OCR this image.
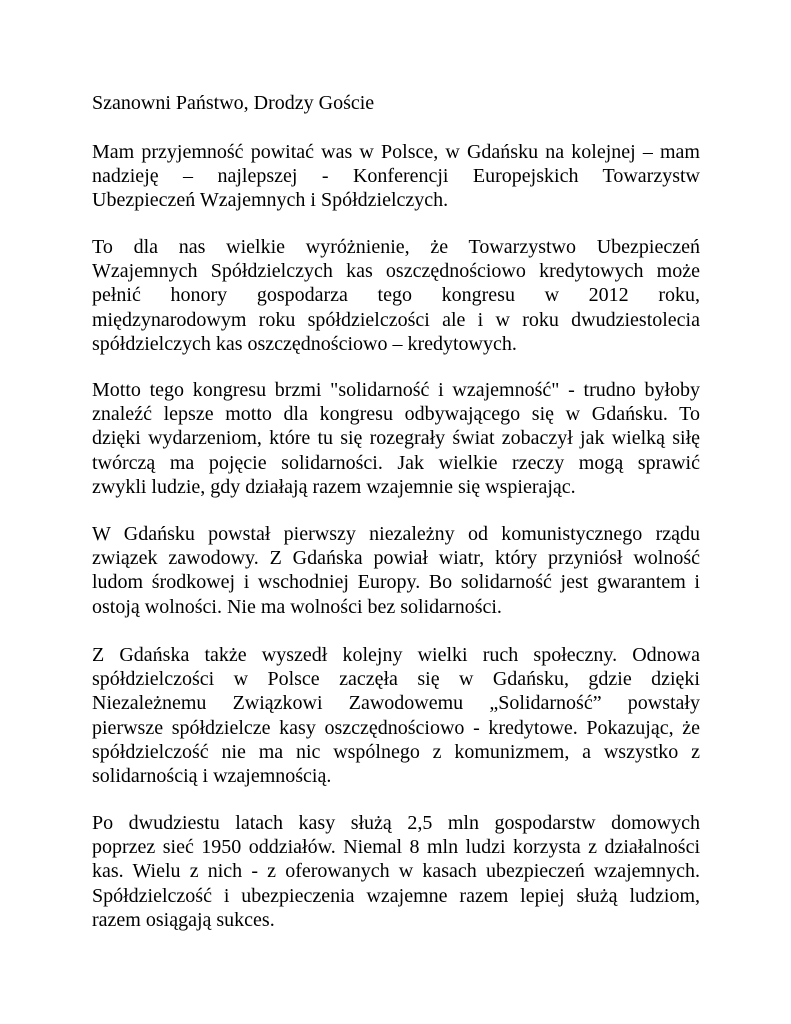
Szanowni Państwo, Drodzy Goście

Mam przyjemność powitać was w Polsce, w Gdańsku na kolejnej – mam
nadzieję – najlepszej - Konferencji Europejskich Towarzystw
Ubezpieczeń Wzajemnych i Spółdzielczych.

To dla nas wielkie wyróżnienie, że Towarzystwo Ubezpieczeń
Wzajemnych Spółdzielczych kas oszczędnościowo kredytowych może
pełnić honory gospodarza tego kongresu w 2012 roku,
międzynarodowym roku spółdzielczości ale i w roku dwudziestolecia
spółdzielczych kas oszczędnościowo – kredytowych.

Motto tego kongresu brzmi "solidarność i wzajemność" - trudno byłoby
znaleźć lepsze motto dla kongresu odbywającego się w Gdańsku. To
dzięki wydarzeniom, które tu się rozegrały świat zobaczył jak wielką siłę
twórczą ma pojęcie solidarności. Jak wielkie rzeczy mogą sprawić
zwykli ludzie, gdy działają razem wzajemnie się wspierając.

W Gdańsku powstał pierwszy niezależny od komunistycznego rządu
związek zawodowy. Z Gdańska powiał wiatr, który przyniósł wolność
ludom środkowej i wschodniej Europy. Bo solidarność jest gwarantem i
ostoją wolności. Nie ma wolności bez solidarności.

Z Gdańska także wyszedł kolejny wielki ruch społeczny. Odnowa
spółdzielczości w Polsce zaczęła się w Gdańsku, gdzie dzięki
Niezależnemu Związkowi Zawodowemu „Solidarność” powstały
pierwsze spółdzielcze kasy oszczędnościowo - kredytowe. Pokazując, że
spółdzielczość nie ma nic wspólnego z komunizmem, a wszystko z
solidarnością i wzajemnością.

Po dwudziestu latach kasy służą 2,5 mln gospodarstw domowych
poprzez sieć 1950 oddziałów. Niemal 8 mln ludzi korzysta z działalności
kas. Wielu z nich - z oferowanych w kasach ubezpieczeń wzajemnych.
Spółdzielczość i ubezpieczenia wzajemne razem lepiej służą ludziom,
razem osiągają sukces.
